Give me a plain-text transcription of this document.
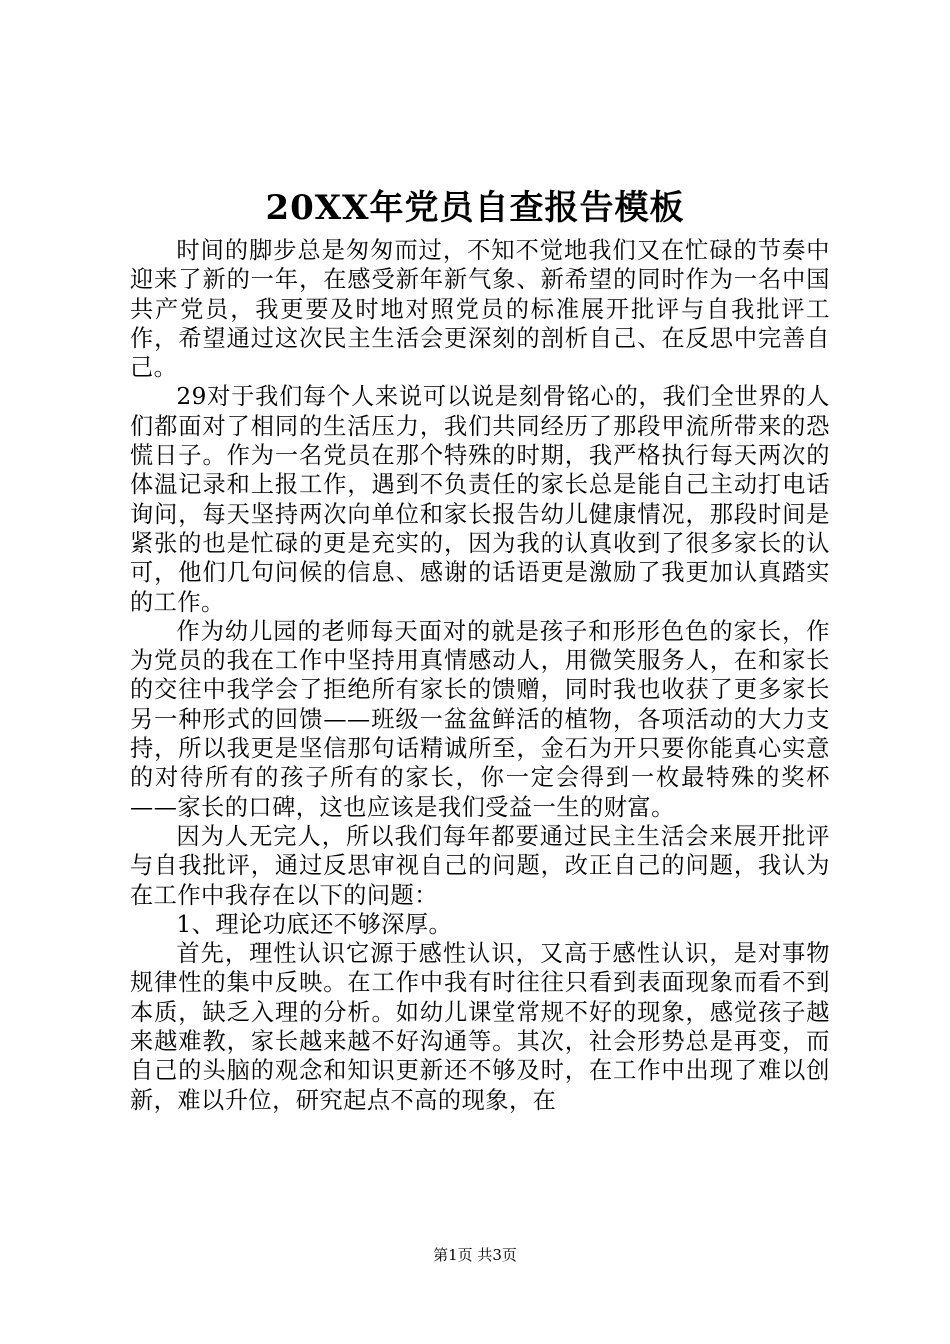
20XX年党员自查报告模板

时间的脚步总是匆匆而过，不知不觉地我们又在忙碌的节奏中迎来了新的一年，在感受新年新气象、新希望的同时作为一名中国共产党员，我更要及时地对照党员的标准展开批评与自我批评工作，希望通过这次民主生活会更深刻的剖析自己、在反思中完善自己。

29对于我们每个人来说可以说是刻骨铭心的，我们全世界的人们都面对了相同的生活压力，我们共同经历了那段甲流所带来的恐慌日子。作为一名党员在那个特殊的时期，我严格执行每天两次的体温记录和上报工作，遇到不负责任的家长总是能自己主动打电话询问，每天坚持两次向单位和家长报告幼儿健康情况，那段时间是紧张的也是忙碌的更是充实的，因为我的认真收到了很多家长的认可，他们几句问候的信息、感谢的话语更是激励了我更加认真踏实的工作。

作为幼儿园的老师每天面对的就是孩子和形形色色的家长，作为党员的我在工作中坚持用真情感动人，用微笑服务人，在和家长的交往中我学会了拒绝所有家长的馈赠，同时我也收获了更多家长另一种形式的回馈——班级一盆盆鲜活的植物，各项活动的大力支持，所以我更是坚信那句话精诚所至，金石为开只要你能真心实意的对待所有的孩子所有的家长，你一定会得到一枚最特殊的奖杯——家长的口碑，这也应该是我们受益一生的财富。

因为人无完人，所以我们每年都要通过民主生活会来展开批评与自我批评，通过反思审视自己的问题，改正自己的问题，我认为在工作中我存在以下的问题：

1、理论功底还不够深厚。

首先，理性认识它源于感性认识，又高于感性认识，是对事物规律性的集中反映。在工作中我有时往往只看到表面现象而看不到本质，缺乏入理的分析。如幼儿课堂常规不好的现象，感觉孩子越来越难教，家长越来越不好沟通等。其次，社会形势总是再变，而自己的头脑的观念和知识更新还不够及时，在工作中出现了难以创新，难以升位，研究起点不高的现象，在

第1页 共3页
